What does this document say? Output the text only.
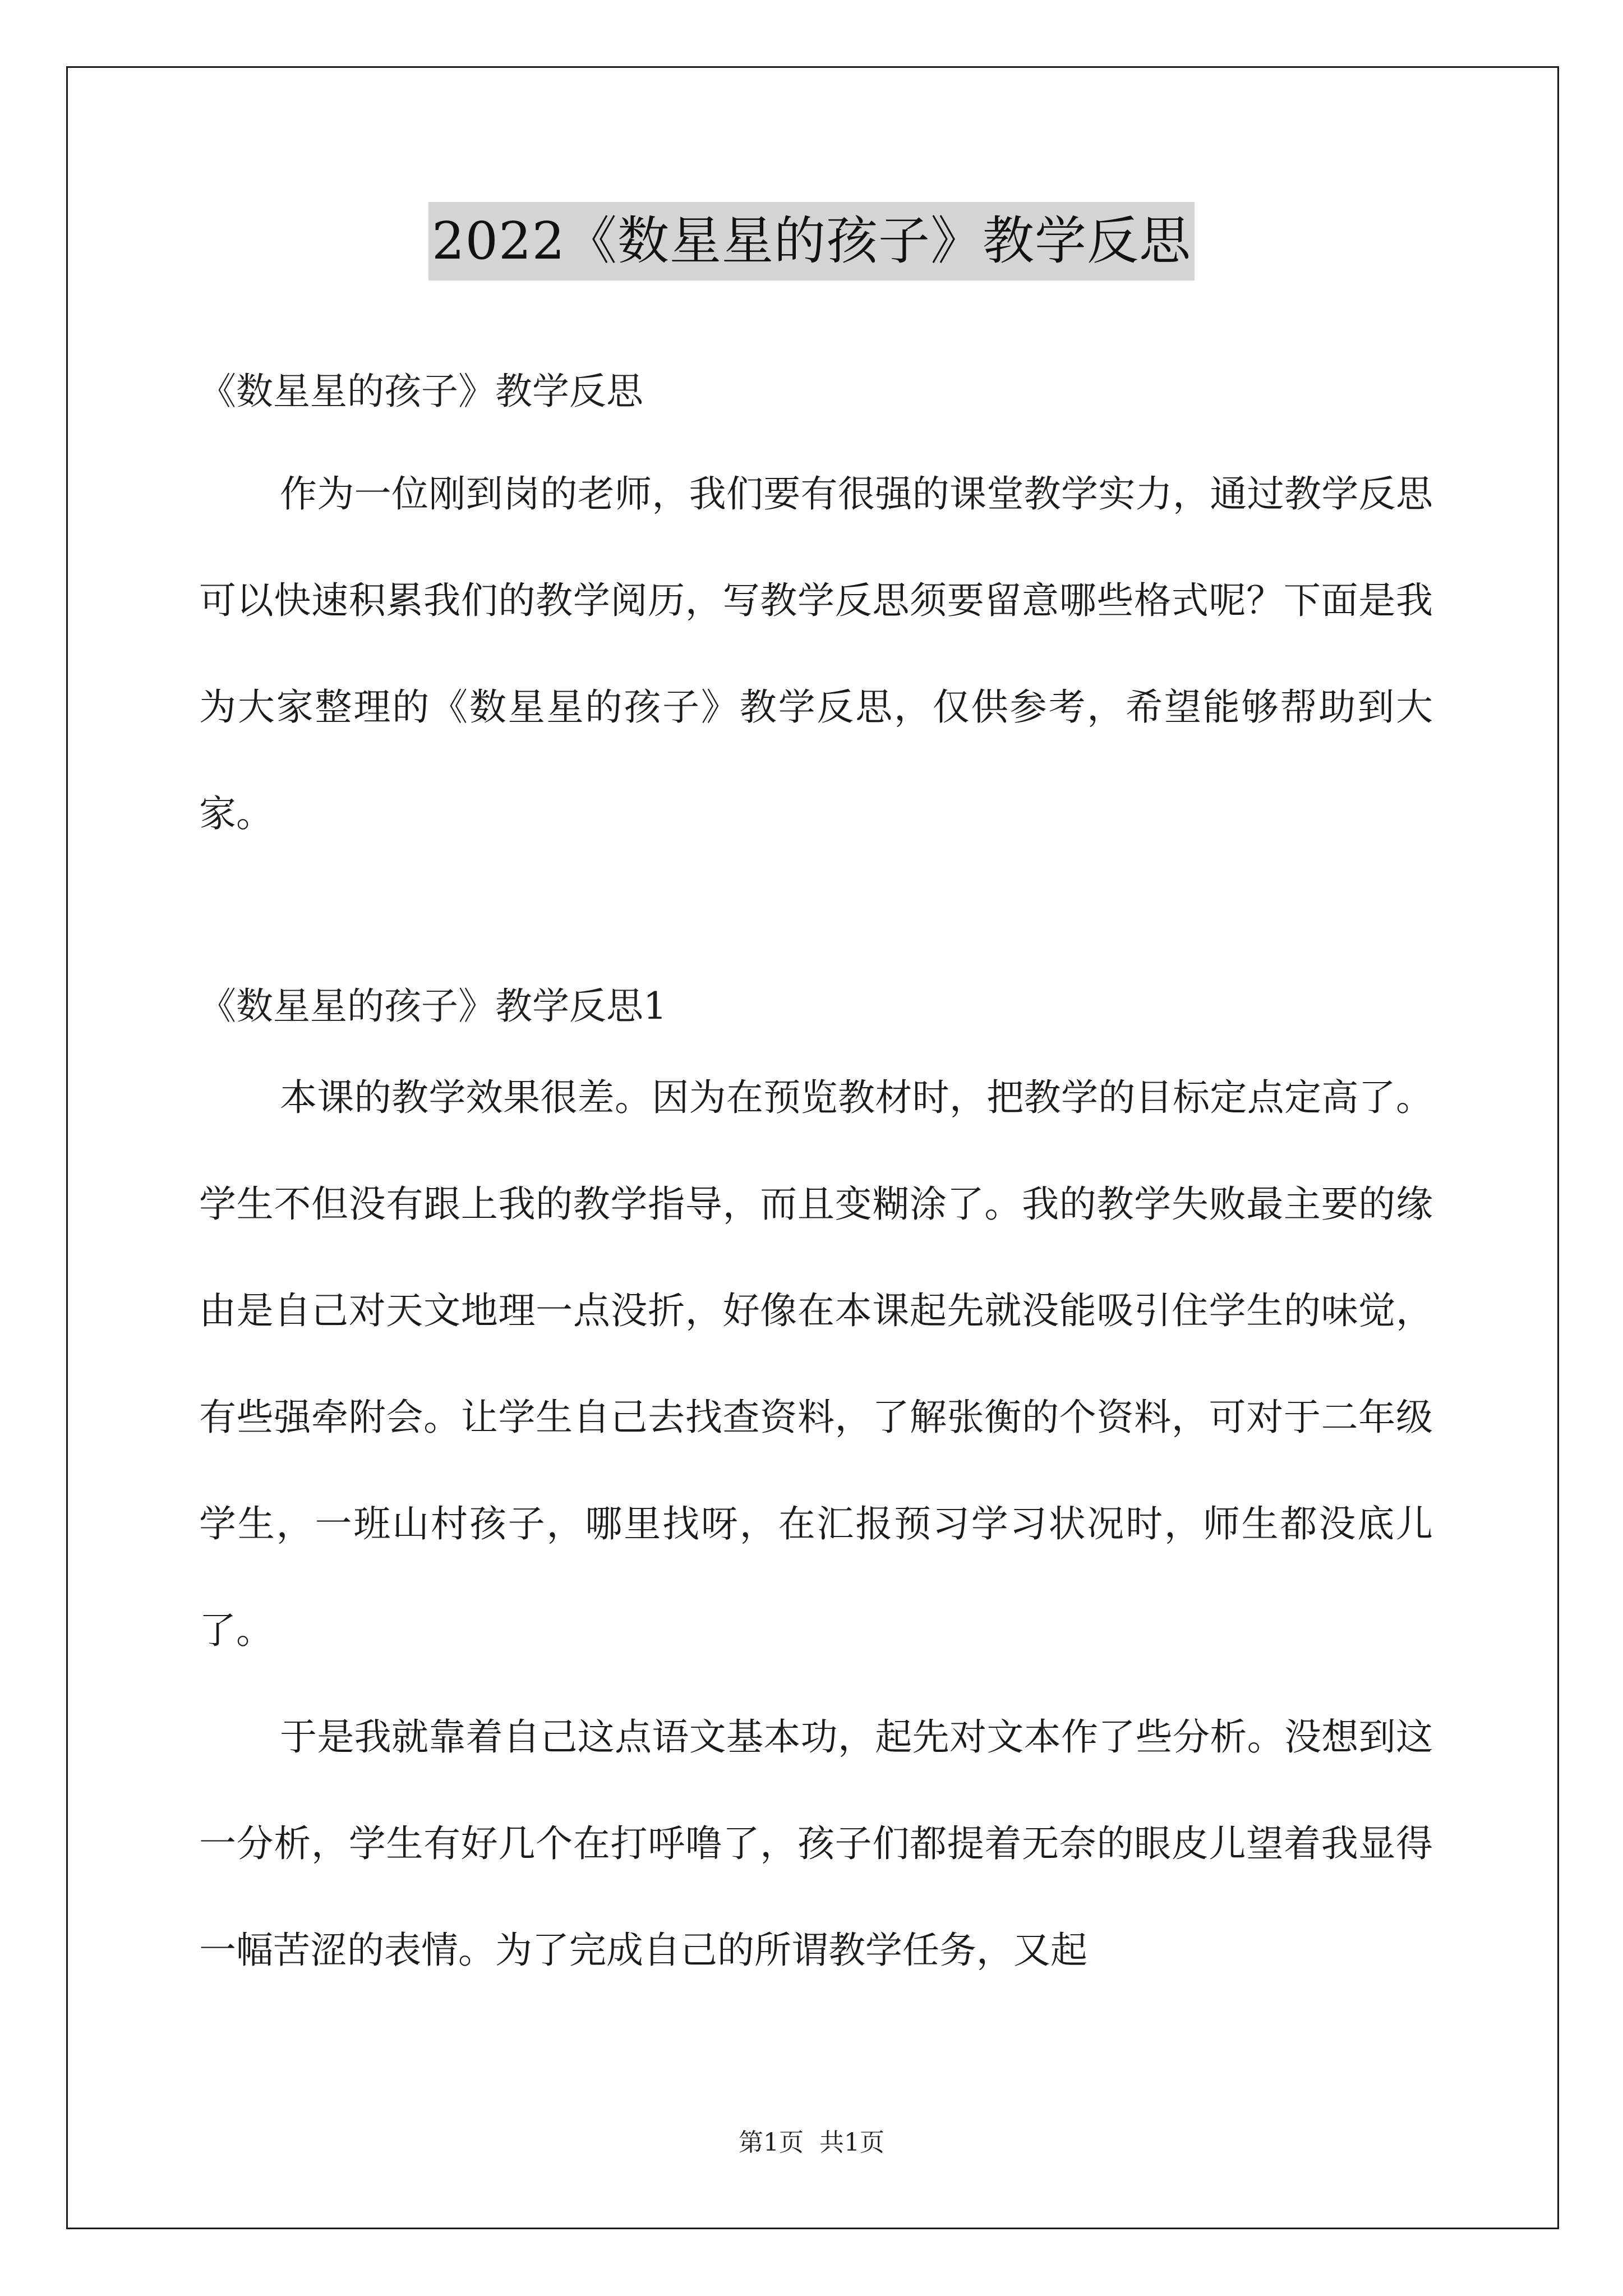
2022《数星星的孩子》教学反思
《数星星的孩子》教学反思
作为一位刚到岗的老师，我们要有很强的课堂教学实力，通过教学反思可以快速积累我们的教学阅历，写教学反思须要留意哪些格式呢？下面是我为大家整理的《数星星的孩子》教学反思，仅供参考，希望能够帮助到大家。
《数星星的孩子》教学反思1
本课的教学效果很差。因为在预览教材时，把教学的目标定点定高了。学生不但没有跟上我的教学指导，而且变糊涂了。我的教学失败最主要的缘由是自己对天文地理一点没折，好像在本课起先就没能吸引住学生的味觉，有些强牵附会。让学生自己去找查资料，了解张衡的个资料，可对于二年级学生，一班山村孩子，哪里找呀，在汇报预习学习状况时，师生都没底儿了。
于是我就靠着自己这点语文基本功，起先对文本作了些分析。没想到这一分析，学生有好几个在打呼噜了，孩子们都提着无奈的眼皮儿望着我显得一幅苦涩的表情。为了完成自己的所谓教学任务，又起
第1页 共1页
